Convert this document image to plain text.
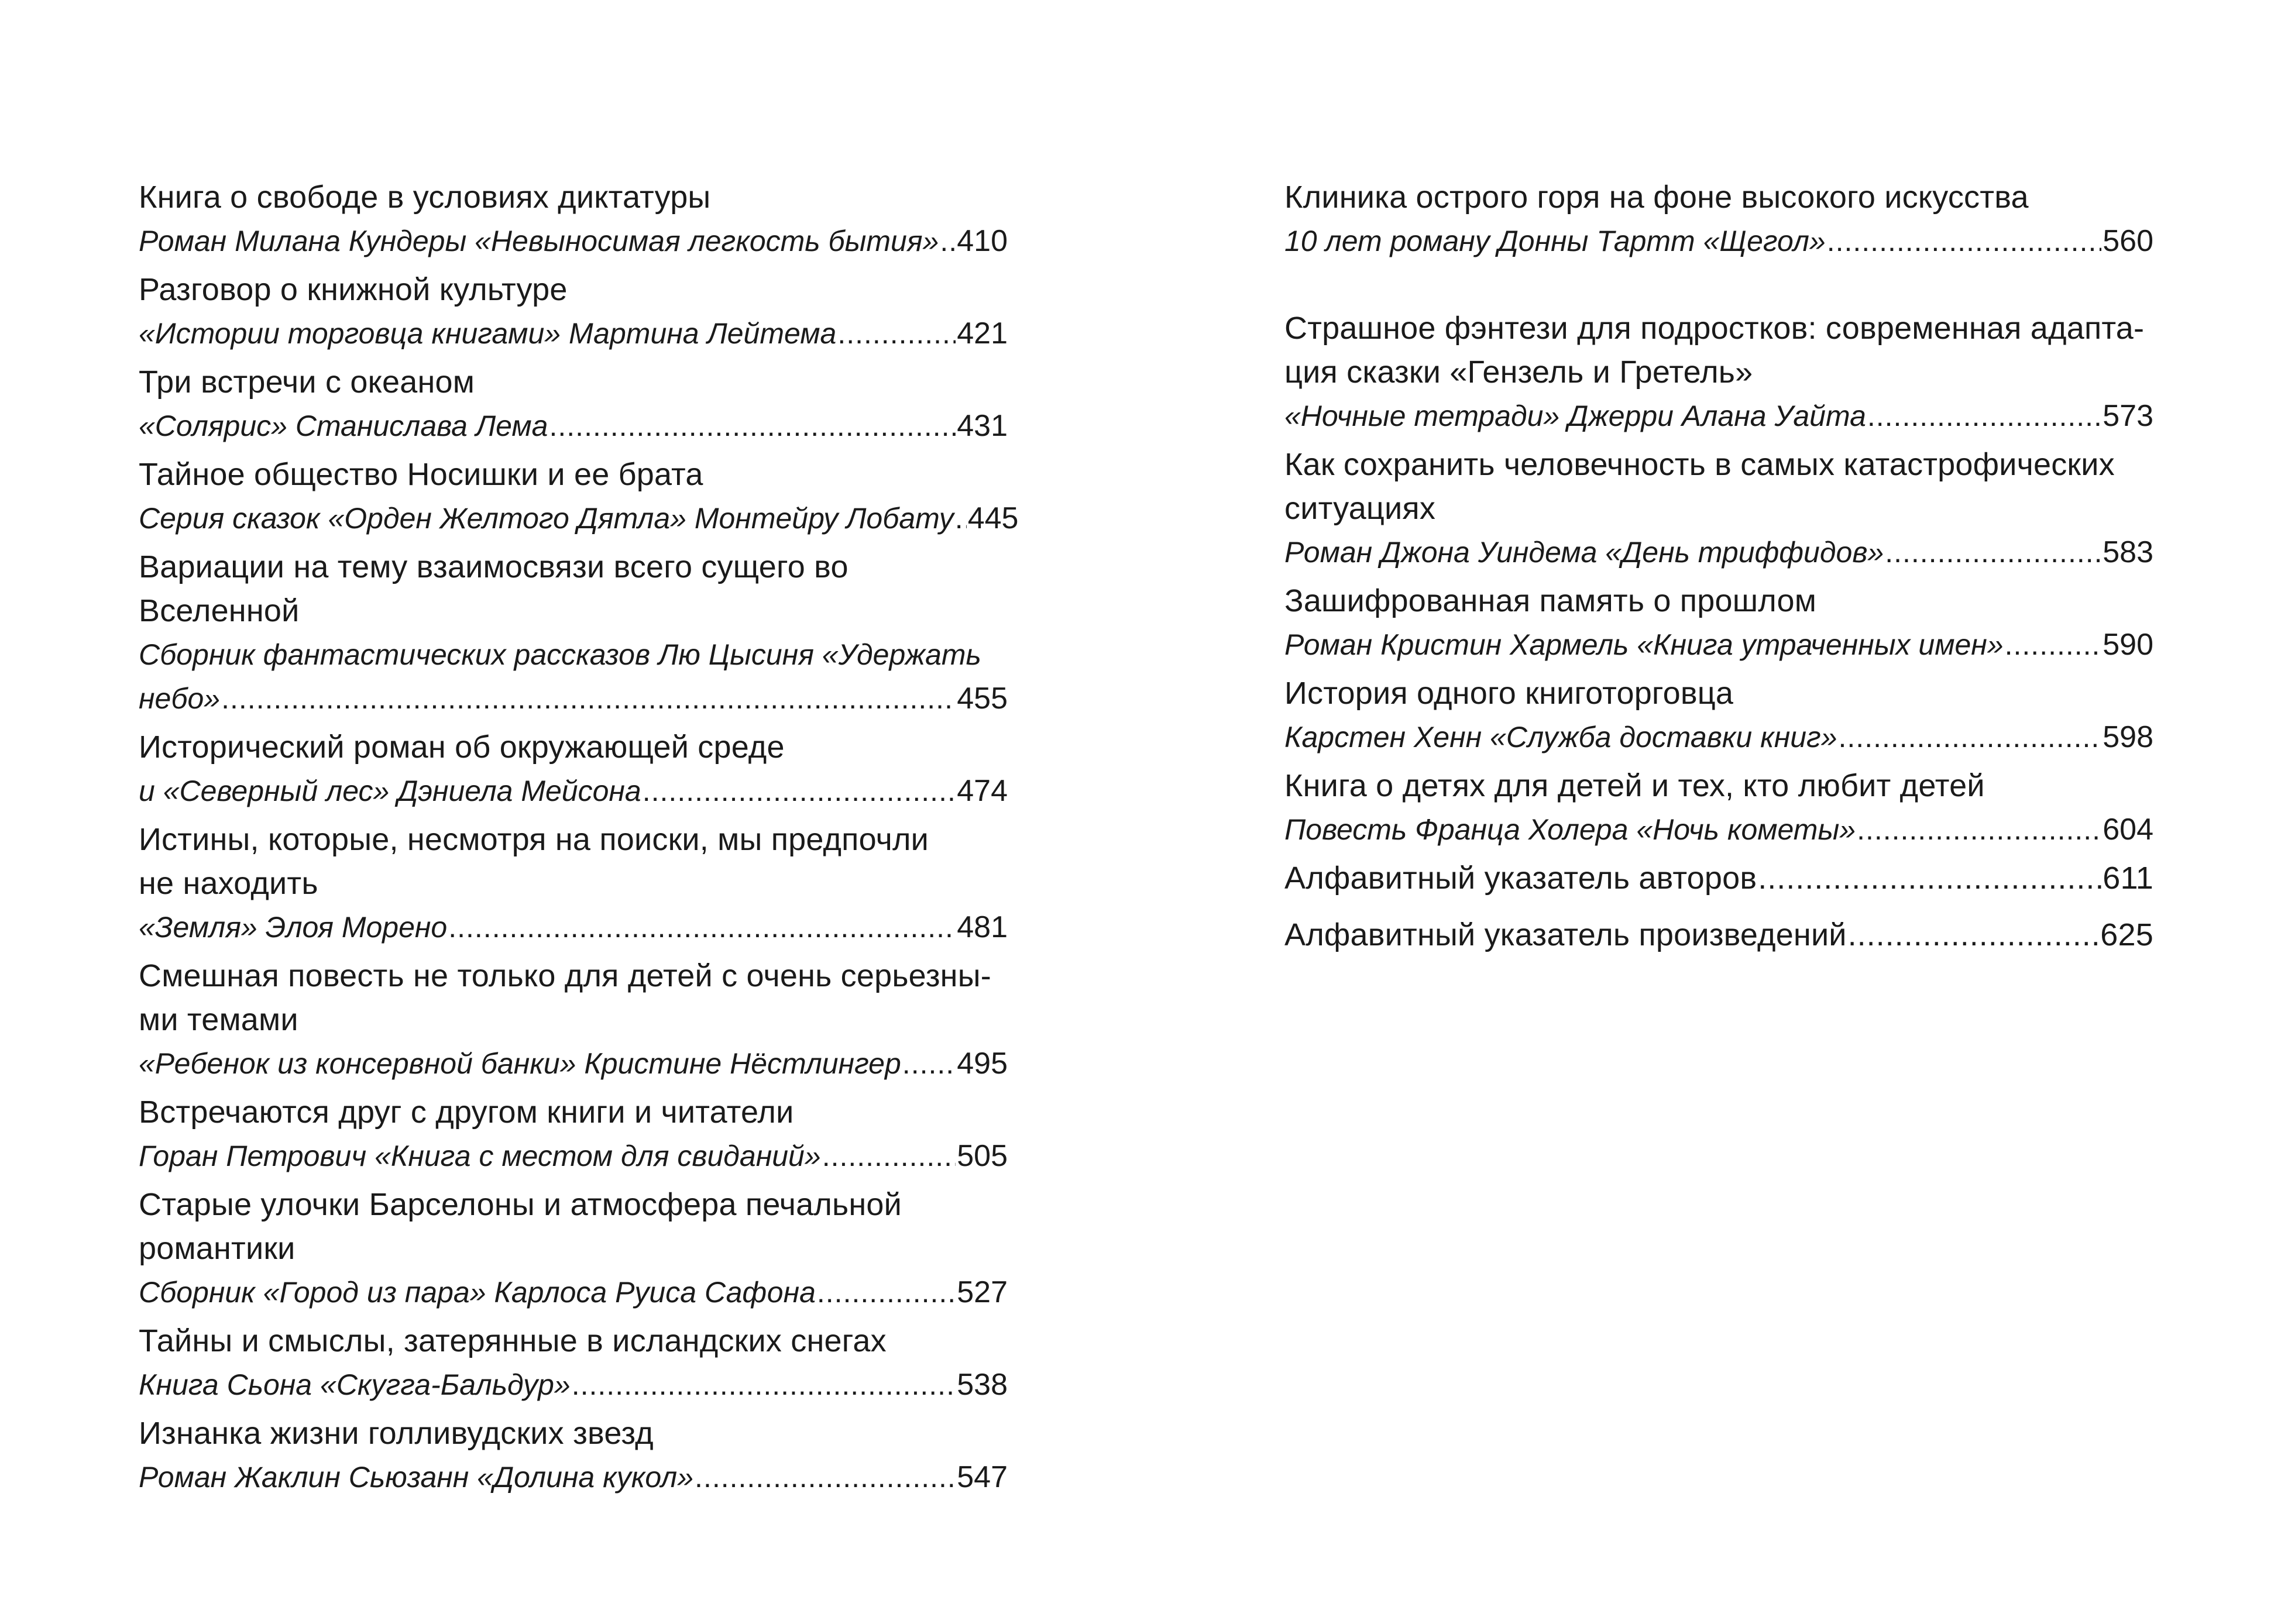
Книга о свободе в условиях диктатуры

Роман Милана Кундеры «Невыносимая легкость бытия» ..... 410

Разговор о книжной культуре

«Истории торговца книгами» Мартина Лейтема .....	421

Три встречи с океаном

«Солярис» Станислава Лема .....	431

Тайное общество Носишки и ее брата

Серия сказок «Орден Желтого Дятла» Монтейру Лобату ..... 445

Вариации на тему взаимосвязи всего сущего во Вселенной

Сборник фантастических рассказов Лю Цысиня «Удержать

небо» .....	455

Исторический роман об окружающей среде

и «Северный лес» Дэниела Мейсона .....	474

Истины, которые, несмотря на поиски, мы предпочли

не находить

«Земля» Элоя Морено .....	481

Смешная повесть не только для детей с очень серьезны-

ми темами

«Ребенок из консервной банки» Кристине Нёстлингер ..... 495

Встречаются друг с другом книги и читатели

Горан Петрович «Книга с местом для свиданий» .....	505

Старые улочки Барселоны и атмосфера печальной

романтики

Сборник «Город из пара» Карлоса Руиса Сафона .....	527

Тайны и смыслы, затерянные в исландских снегах

Книга Сьона «Скугга-Бальдур» .....	538

Изнанка жизни голливудских звезд

Роман Жаклин Сьюзанн «Долина кукол» .....	547

Клиника острого горя на фоне высокого искусства

10 лет роману Донны Тартт «Щегол» .....	560

Страшное фэнтези для подростков: современная адапта-

ция сказки «Гензель и Гретель»

«Ночные тетради» Джерри Алана Уайта .....	573

Как сохранить человечность в самых катастрофических

ситуациях

Роман Джона Уиндема «День триффидов» .....	583

Зашифрованная память о прошлом

Роман Кристин Хармель «Книга утраченных имен» .....	590

История одного книготорговца

Карстен Хенн «Служба доставки книг» .....	598

Книга о детях для детей и тех, кто любит детей

Повесть Франца Холера «Ночь кометы» .....	604

Алфавитный указатель авторов .....	611

Алфавитный указатель произведений .....	625
